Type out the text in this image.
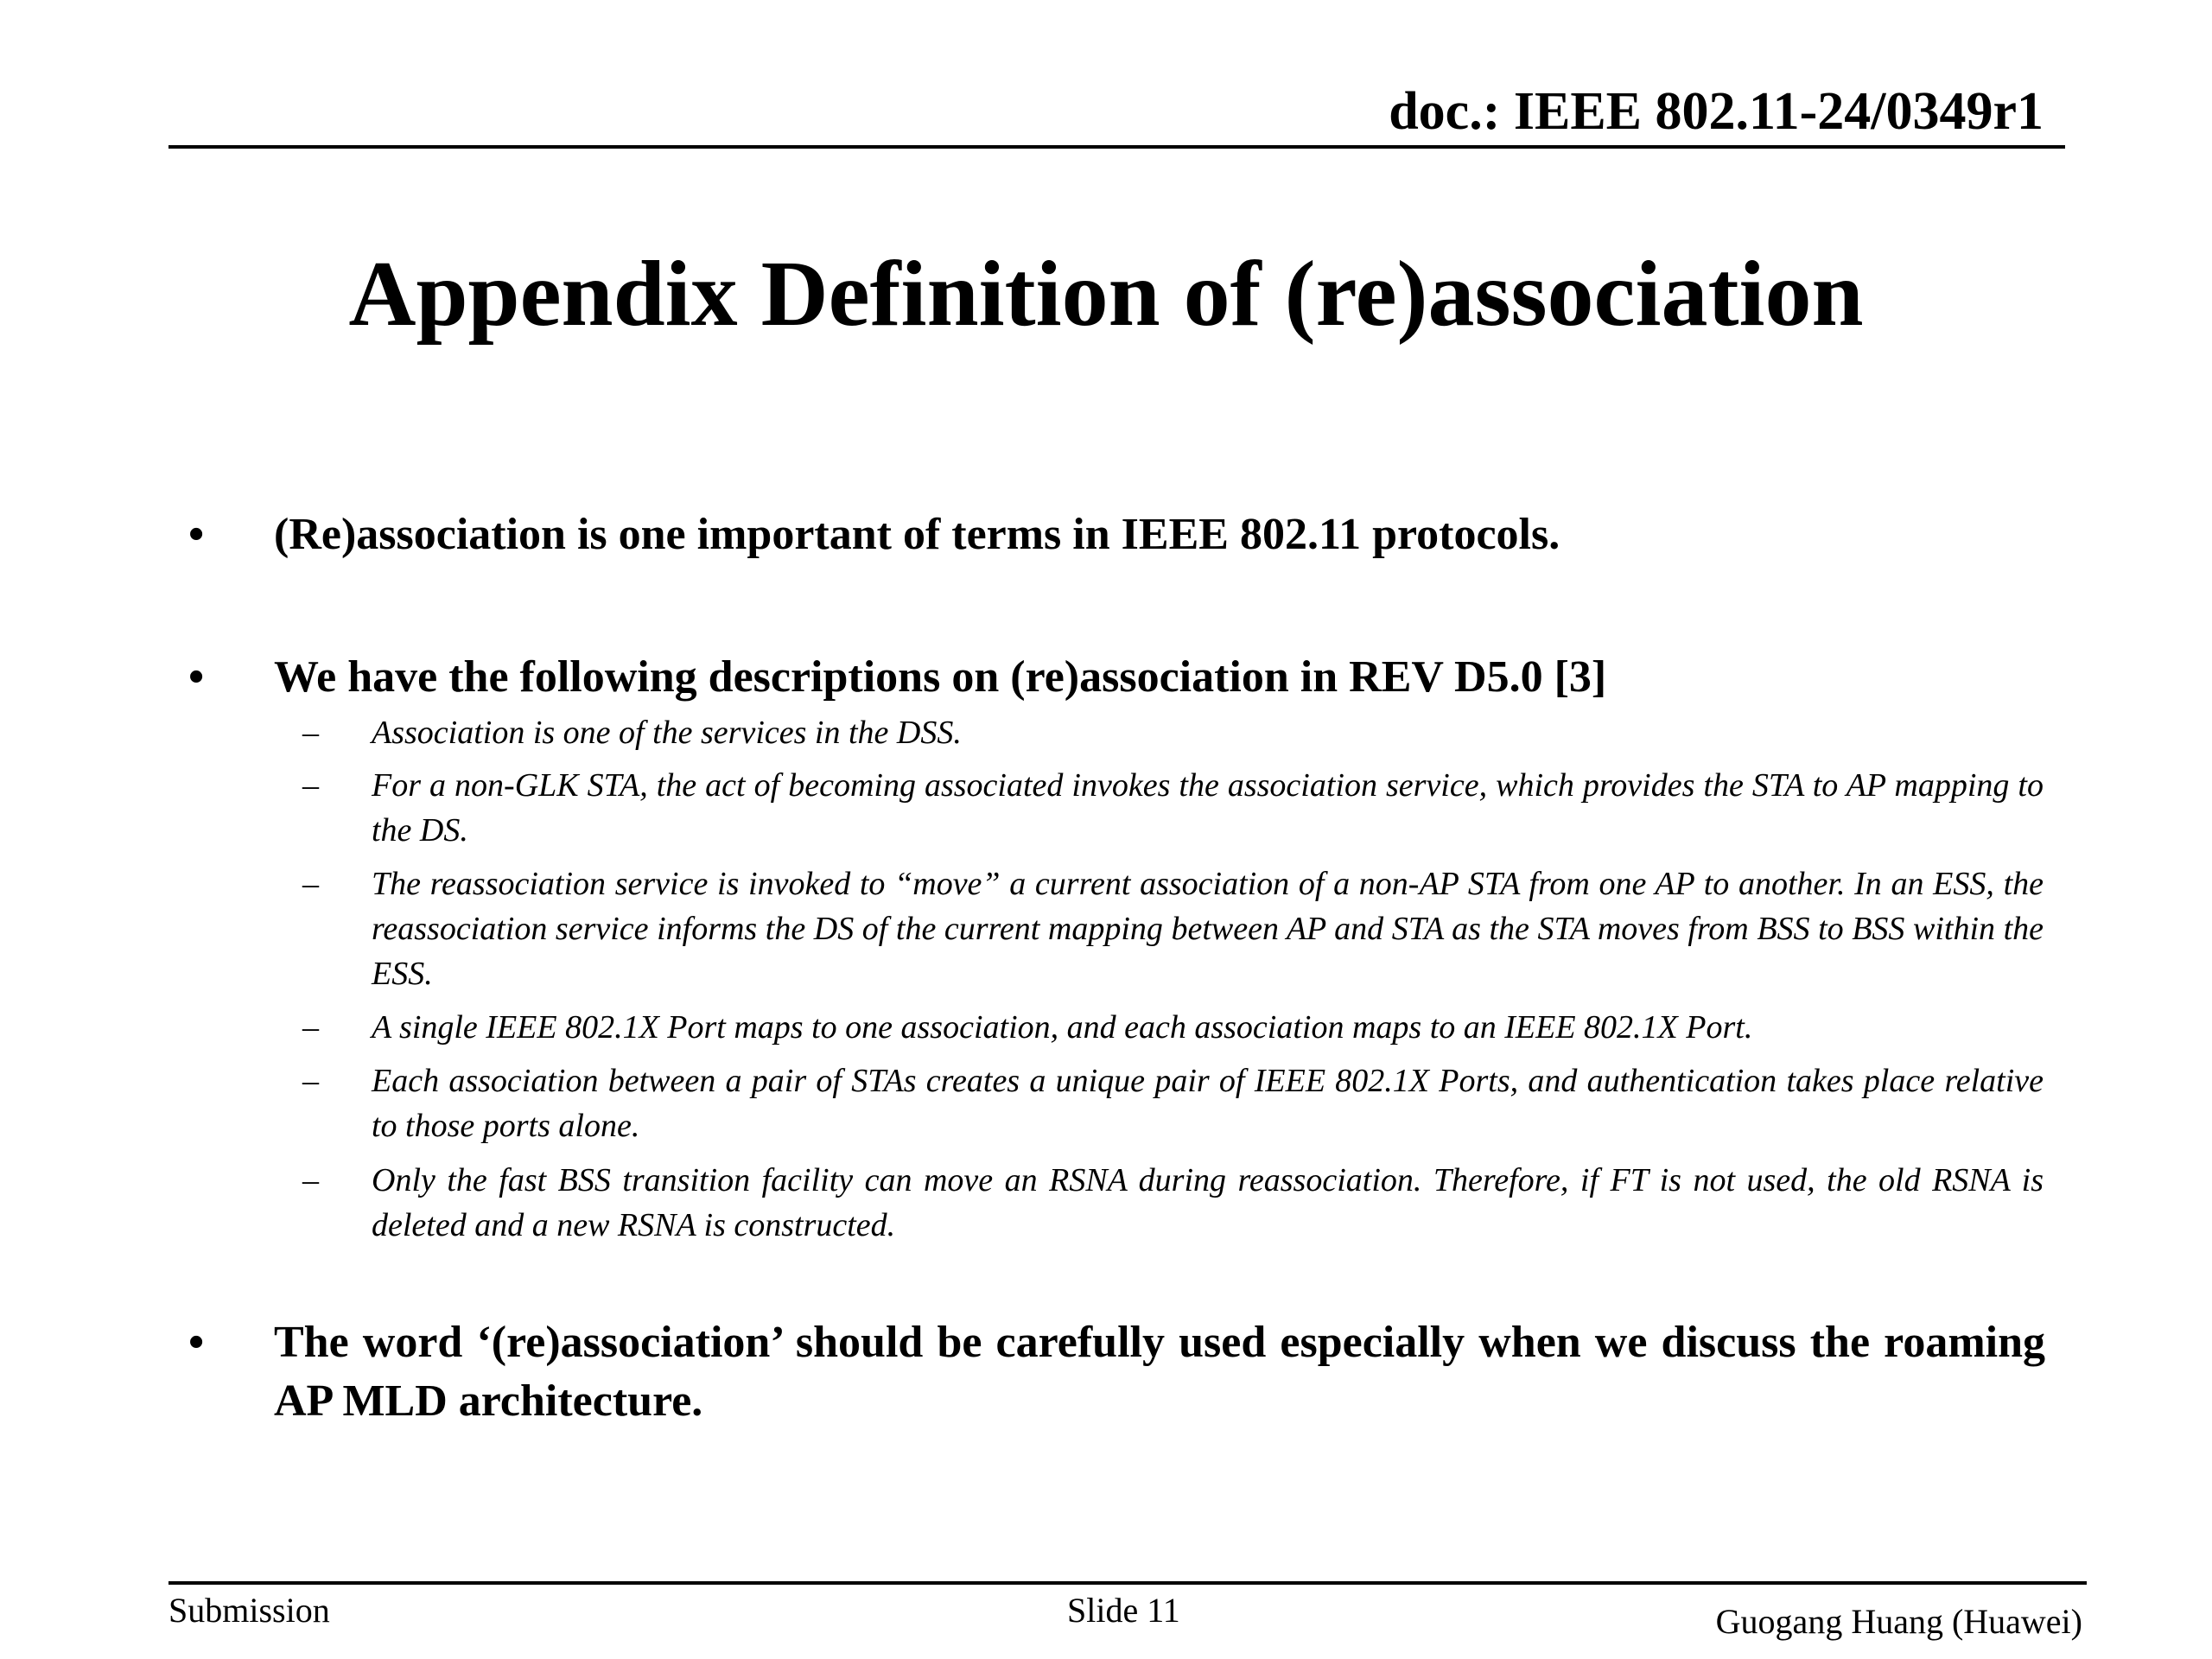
doc.: IEEE 802.11-24/0349r1
Appendix Definition of (re)association
• (Re)association is one important of terms in IEEE 802.11 protocols.
• We have the following descriptions on (re)association in REV D5.0 [3]
– Association is one of the services in the DSS.
– For a non-GLK STA, the act of becoming associated invokes the association service, which provides the STA to AP mapping to the DS.
– The reassociation service is invoked to “move” a current association of a non-AP STA from one AP to another. In an ESS, the reassociation service informs the DS of the current mapping between AP and STA as the STA moves from BSS to BSS within the ESS.
– A single IEEE 802.1X Port maps to one association, and each association maps to an IEEE 802.1X Port.
– Each association between a pair of STAs creates a unique pair of IEEE 802.1X Ports, and authentication takes place relative to those ports alone.
– Only the fast BSS transition facility can move an RSNA during reassociation. Therefore, if FT is not used, the old RSNA is deleted and a new RSNA is constructed.
• The word ‘(re)association’ should be carefully used especially when we discuss the roaming AP MLD architecture.
Submission	Slide 11	Guogang Huang (Huawei)
